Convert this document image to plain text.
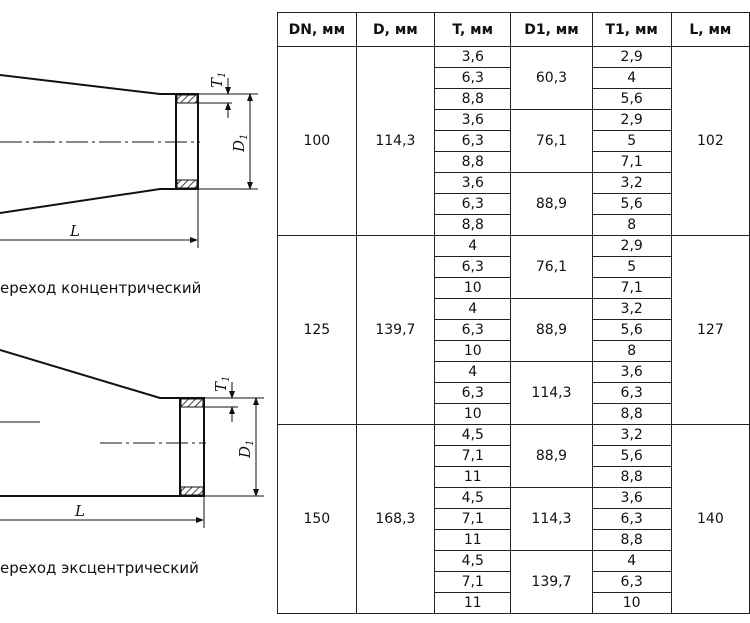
$T_1$
$D_1$
L
$T_1$
$D_1$
L
ереход концентрический
ереход эксцентрический
DN, мм	D, мм	T, мм	D1, мм	T1, мм	L, мм
100	114,3	3,6	60,3	2,9	102
		6,3		4	
		8,8		5,6	
		3,6	76,1	2,9	
		6,3		5	
		8,8		7,1	
		3,6	88,9	3,2	
		6,3		5,6	
		8,8		8	
125	139,7	4	76,1	2,9	127
		6,3		5	
		10		7,1	
		4	88,9	3,2	
		6,3		5,6	
		10		8	
		4	114,3	3,6	
		6,3		6,3	
		10		8,8	
150	168,3	4,5	88,9	3,2	140
		7,1		5,6	
		11		8,8	
		4,5	114,3	3,6	
		7,1		6,3	
		11		8,8	
		4,5	139,7	4	
		7,1		6,3	
		11		10	
